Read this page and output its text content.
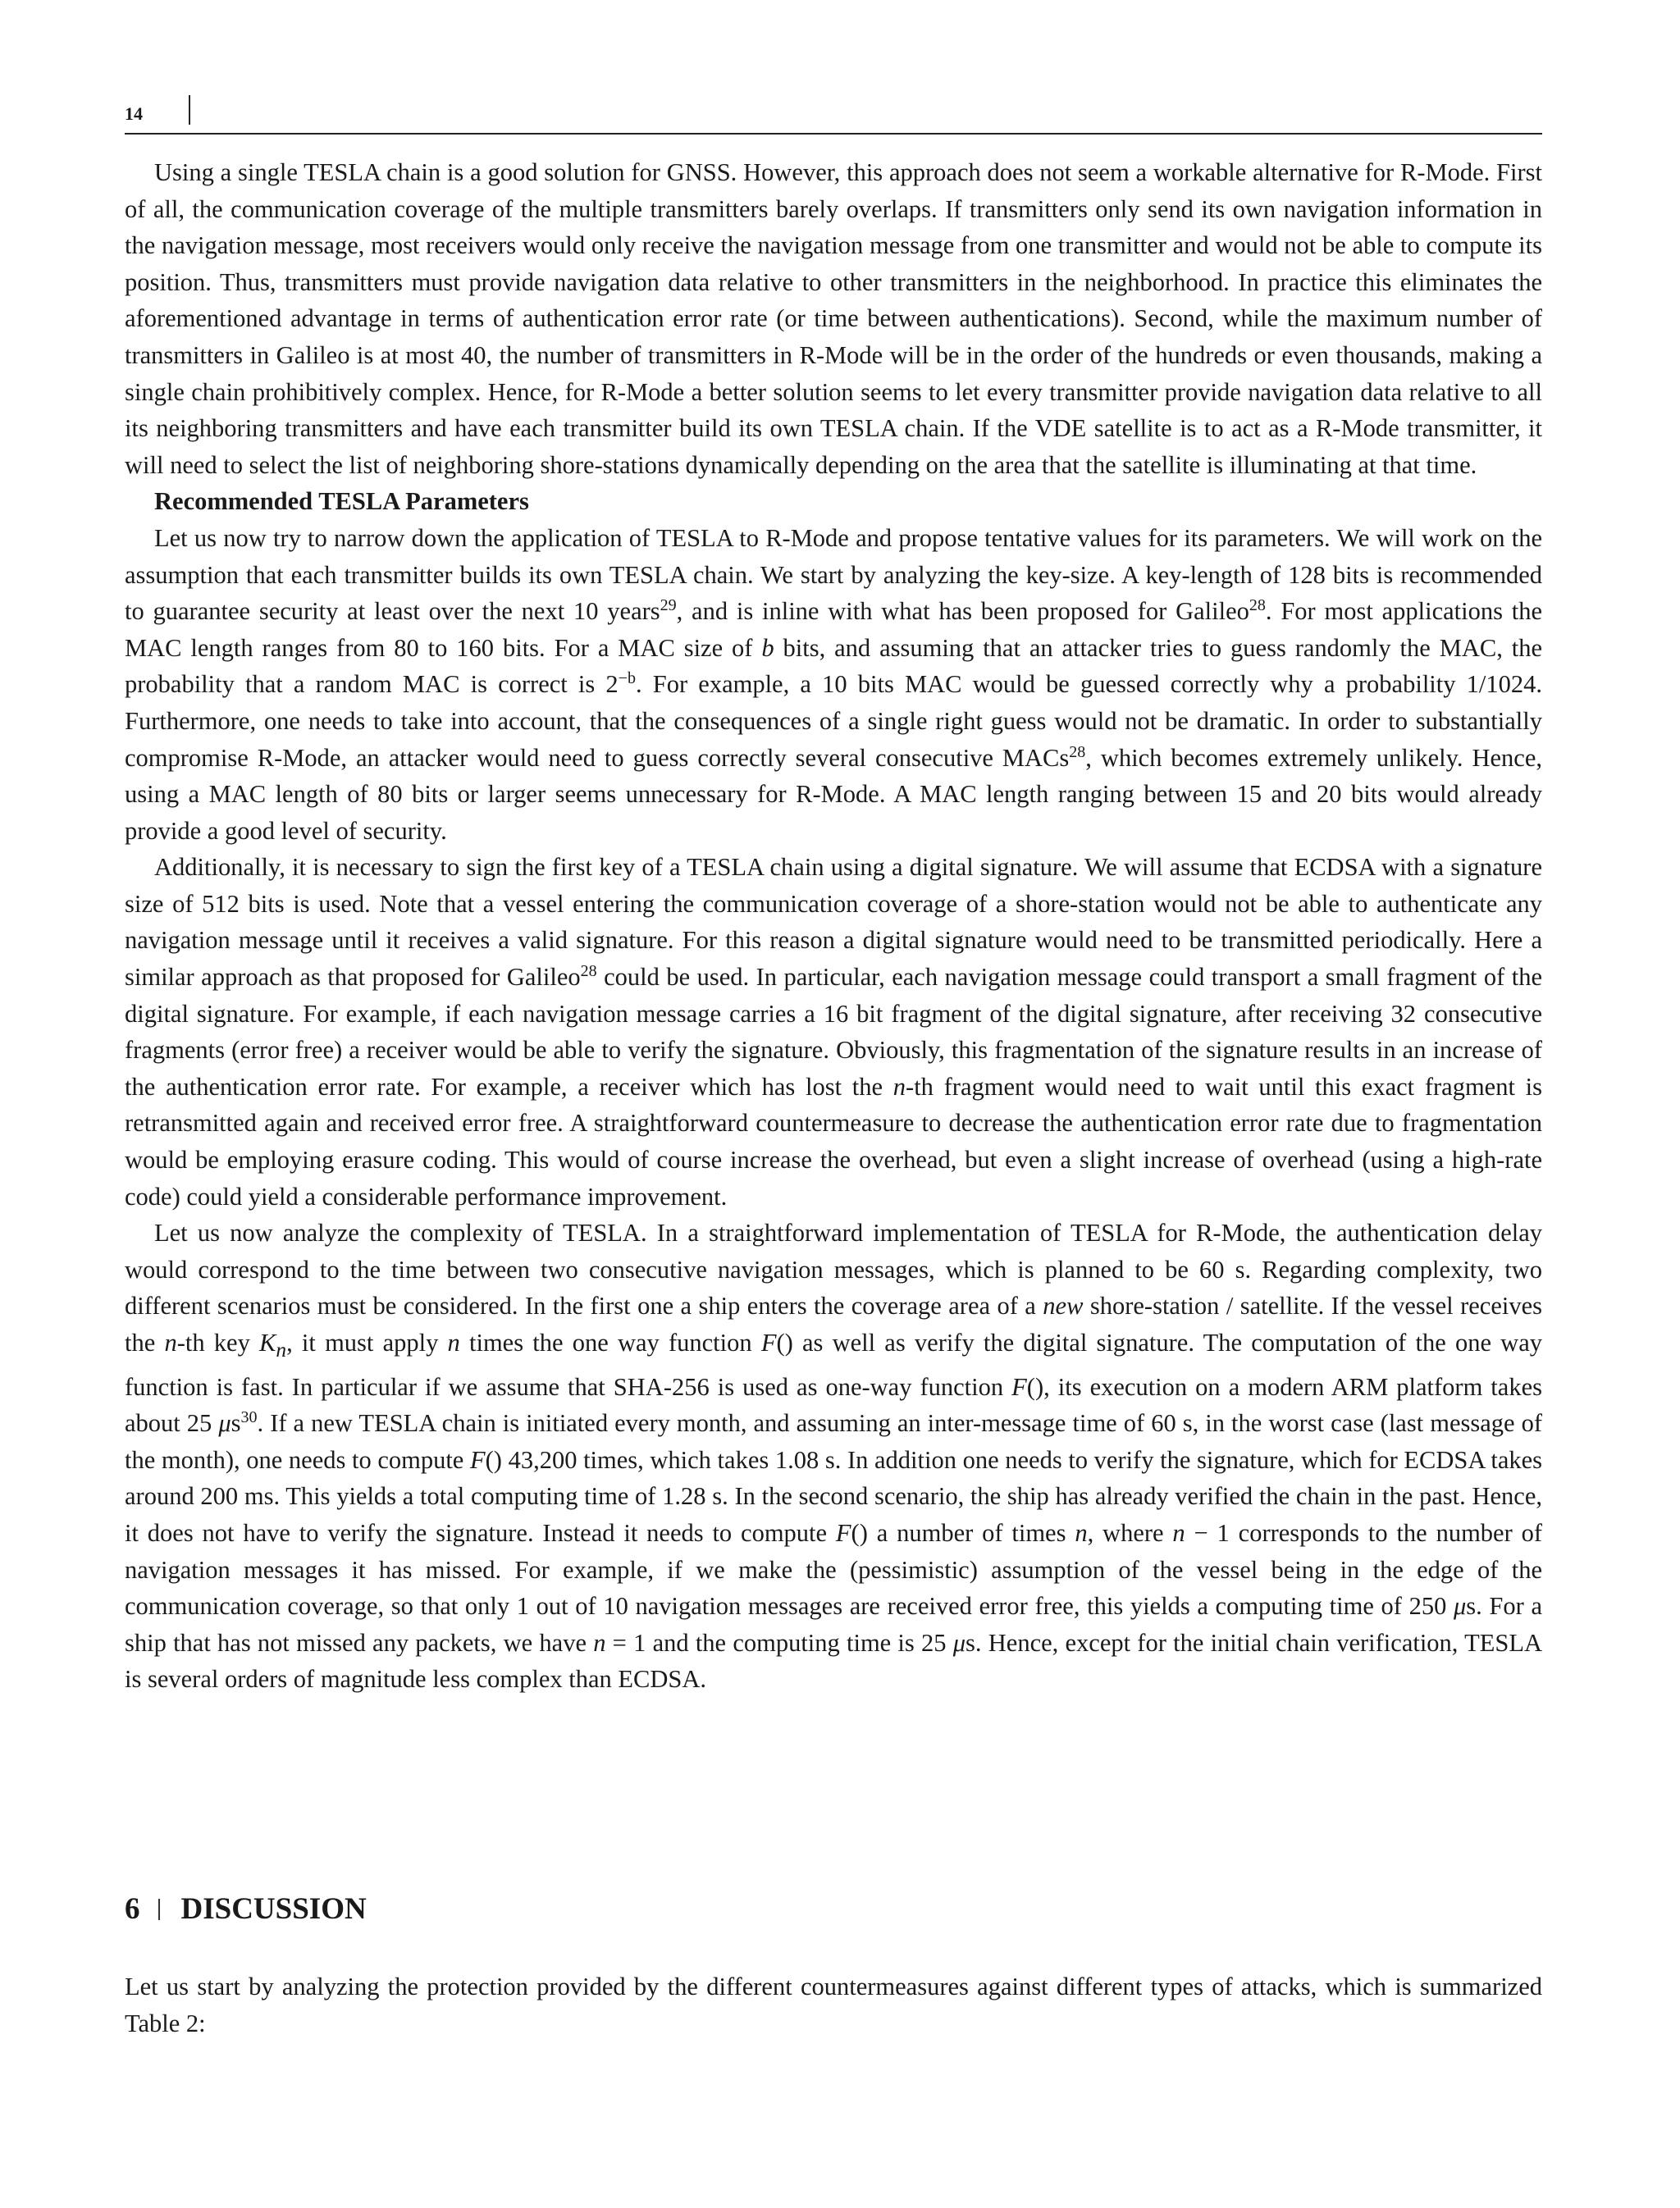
14

Using a single TESLA chain is a good solution for GNSS. However, this approach does not seem a workable alternative for R-Mode. First of all, the communication coverage of the multiple transmitters barely overlaps. If transmitters only send its own navigation information in the navigation message, most receivers would only receive the navigation message from one transmitter and would not be able to compute its position. Thus, transmitters must provide navigation data relative to other transmitters in the neighborhood. In practice this eliminates the aforementioned advantage in terms of authentication error rate (or time between authentications). Second, while the maximum number of transmitters in Galileo is at most 40, the number of transmitters in R-Mode will be in the order of the hundreds or even thousands, making a single chain prohibitively complex. Hence, for R-Mode a better solution seems to let every transmitter provide navigation data relative to all its neighboring transmitters and have each transmitter build its own TESLA chain. If the VDE satellite is to act as a R-Mode transmitter, it will need to select the list of neighboring shore-stations dynamically depending on the area that the satellite is illuminating at that time.

Recommended TESLA Parameters

Let us now try to narrow down the application of TESLA to R-Mode and propose tentative values for its parameters. We will work on the assumption that each transmitter builds its own TESLA chain. We start by analyzing the key-size. A key-length of 128 bits is recommended to guarantee security at least over the next 10 years$^{29}$, and is inline with what has been proposed for Galileo$^{28}$. For most applications the MAC length ranges from 80 to 160 bits. For a MAC size of b bits, and assuming that an attacker tries to guess randomly the MAC, the probability that a random MAC is correct is $2^{-b}$. For example, a 10 bits MAC would be guessed correctly why a probability 1/1024. Furthermore, one needs to take into account, that the consequences of a single right guess would not be dramatic. In order to substantially compromise R-Mode, an attacker would need to guess correctly several consecutive MACs$^{28}$, which becomes extremely unlikely. Hence, using a MAC length of 80 bits or larger seems unnecessary for R-Mode. A MAC length ranging between 15 and 20 bits would already provide a good level of security.

Additionally, it is necessary to sign the first key of a TESLA chain using a digital signature. We will assume that ECDSA with a signature size of 512 bits is used. Note that a vessel entering the communication coverage of a shore-station would not be able to authenticate any navigation message until it receives a valid signature. For this reason a digital signature would need to be transmitted periodically. Here a similar approach as that proposed for Galileo$^{28}$ could be used. In particular, each navigation message could transport a small fragment of the digital signature. For example, if each navigation message carries a 16 bit fragment of the digital signature, after receiving 32 consecutive fragments (error free) a receiver would be able to verify the signature. Obviously, this fragmentation of the signature results in an increase of the authentication error rate. For example, a receiver which has lost the n-th fragment would need to wait until this exact fragment is retransmitted again and received error free. A straightforward countermeasure to decrease the authentication error rate due to fragmentation would be employing erasure coding. This would of course increase the overhead, but even a slight increase of overhead (using a high-rate code) could yield a considerable performance improvement.

Let us now analyze the complexity of TESLA. In a straightforward implementation of TESLA for R-Mode, the authentication delay would correspond to the time between two consecutive navigation messages, which is planned to be 60 s. Regarding complexity, two different scenarios must be considered. In the first one a ship enters the coverage area of a new shore-station / satellite. If the vessel receives the n-th key $K_n$, it must apply n times the one way function F() as well as verify the digital signature. The computation of the one way function is fast. In particular if we assume that SHA-256 is used as one-way function F(), its execution on a modern ARM platform takes about 25 $\mu s^{30}$. If a new TESLA chain is initiated every month, and assuming an inter-message time of 60 s, in the worst case (last message of the month), one needs to compute F() 43,200 times, which takes 1.08 s. In addition one needs to verify the signature, which for ECDSA takes around 200 ms. This yields a total computing time of 1.28 s. In the second scenario, the ship has already verified the chain in the past. Hence, it does not have to verify the signature. Instead it needs to compute F() a number of times n, where n − 1 corresponds to the number of navigation messages it has missed. For example, if we make the (pessimistic) assumption of the vessel being in the edge of the communication coverage, so that only 1 out of 10 navigation messages are received error free, this yields a computing time of 250 μs. For a ship that has not missed any packets, we have n = 1 and the computing time is 25 μs. Hence, except for the initial chain verification, TESLA is several orders of magnitude less complex than ECDSA.

6 DISCUSSION

Let us start by analyzing the protection provided by the different countermeasures against different types of attacks, which is summarized Table 2:
